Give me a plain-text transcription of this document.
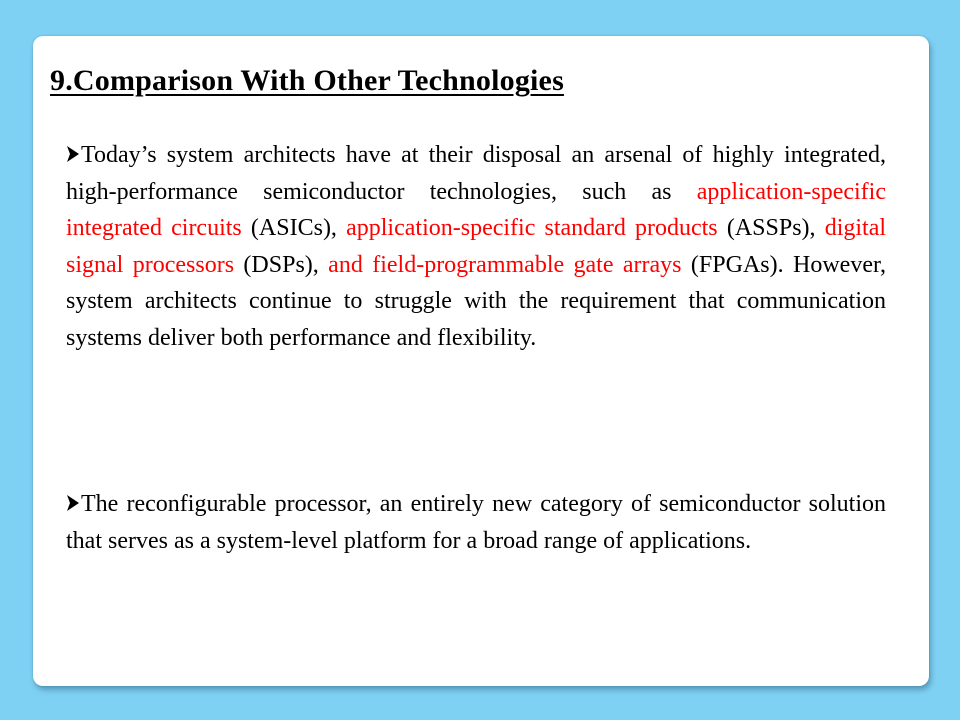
9.Comparison With Other Technologies

Today’s system architects have at their disposal an arsenal of highly integrated, high-performance semiconductor technologies, such as application-specific integrated circuits (ASICs), application-specific standard products (ASSPs), digital signal processors (DSPs), and field-programmable gate arrays (FPGAs). However, system architects continue to struggle with the requirement that communication systems deliver both performance and flexibility.

The reconfigurable processor, an entirely new category of semiconductor solution that serves as a system-level platform for a broad range of applications.
